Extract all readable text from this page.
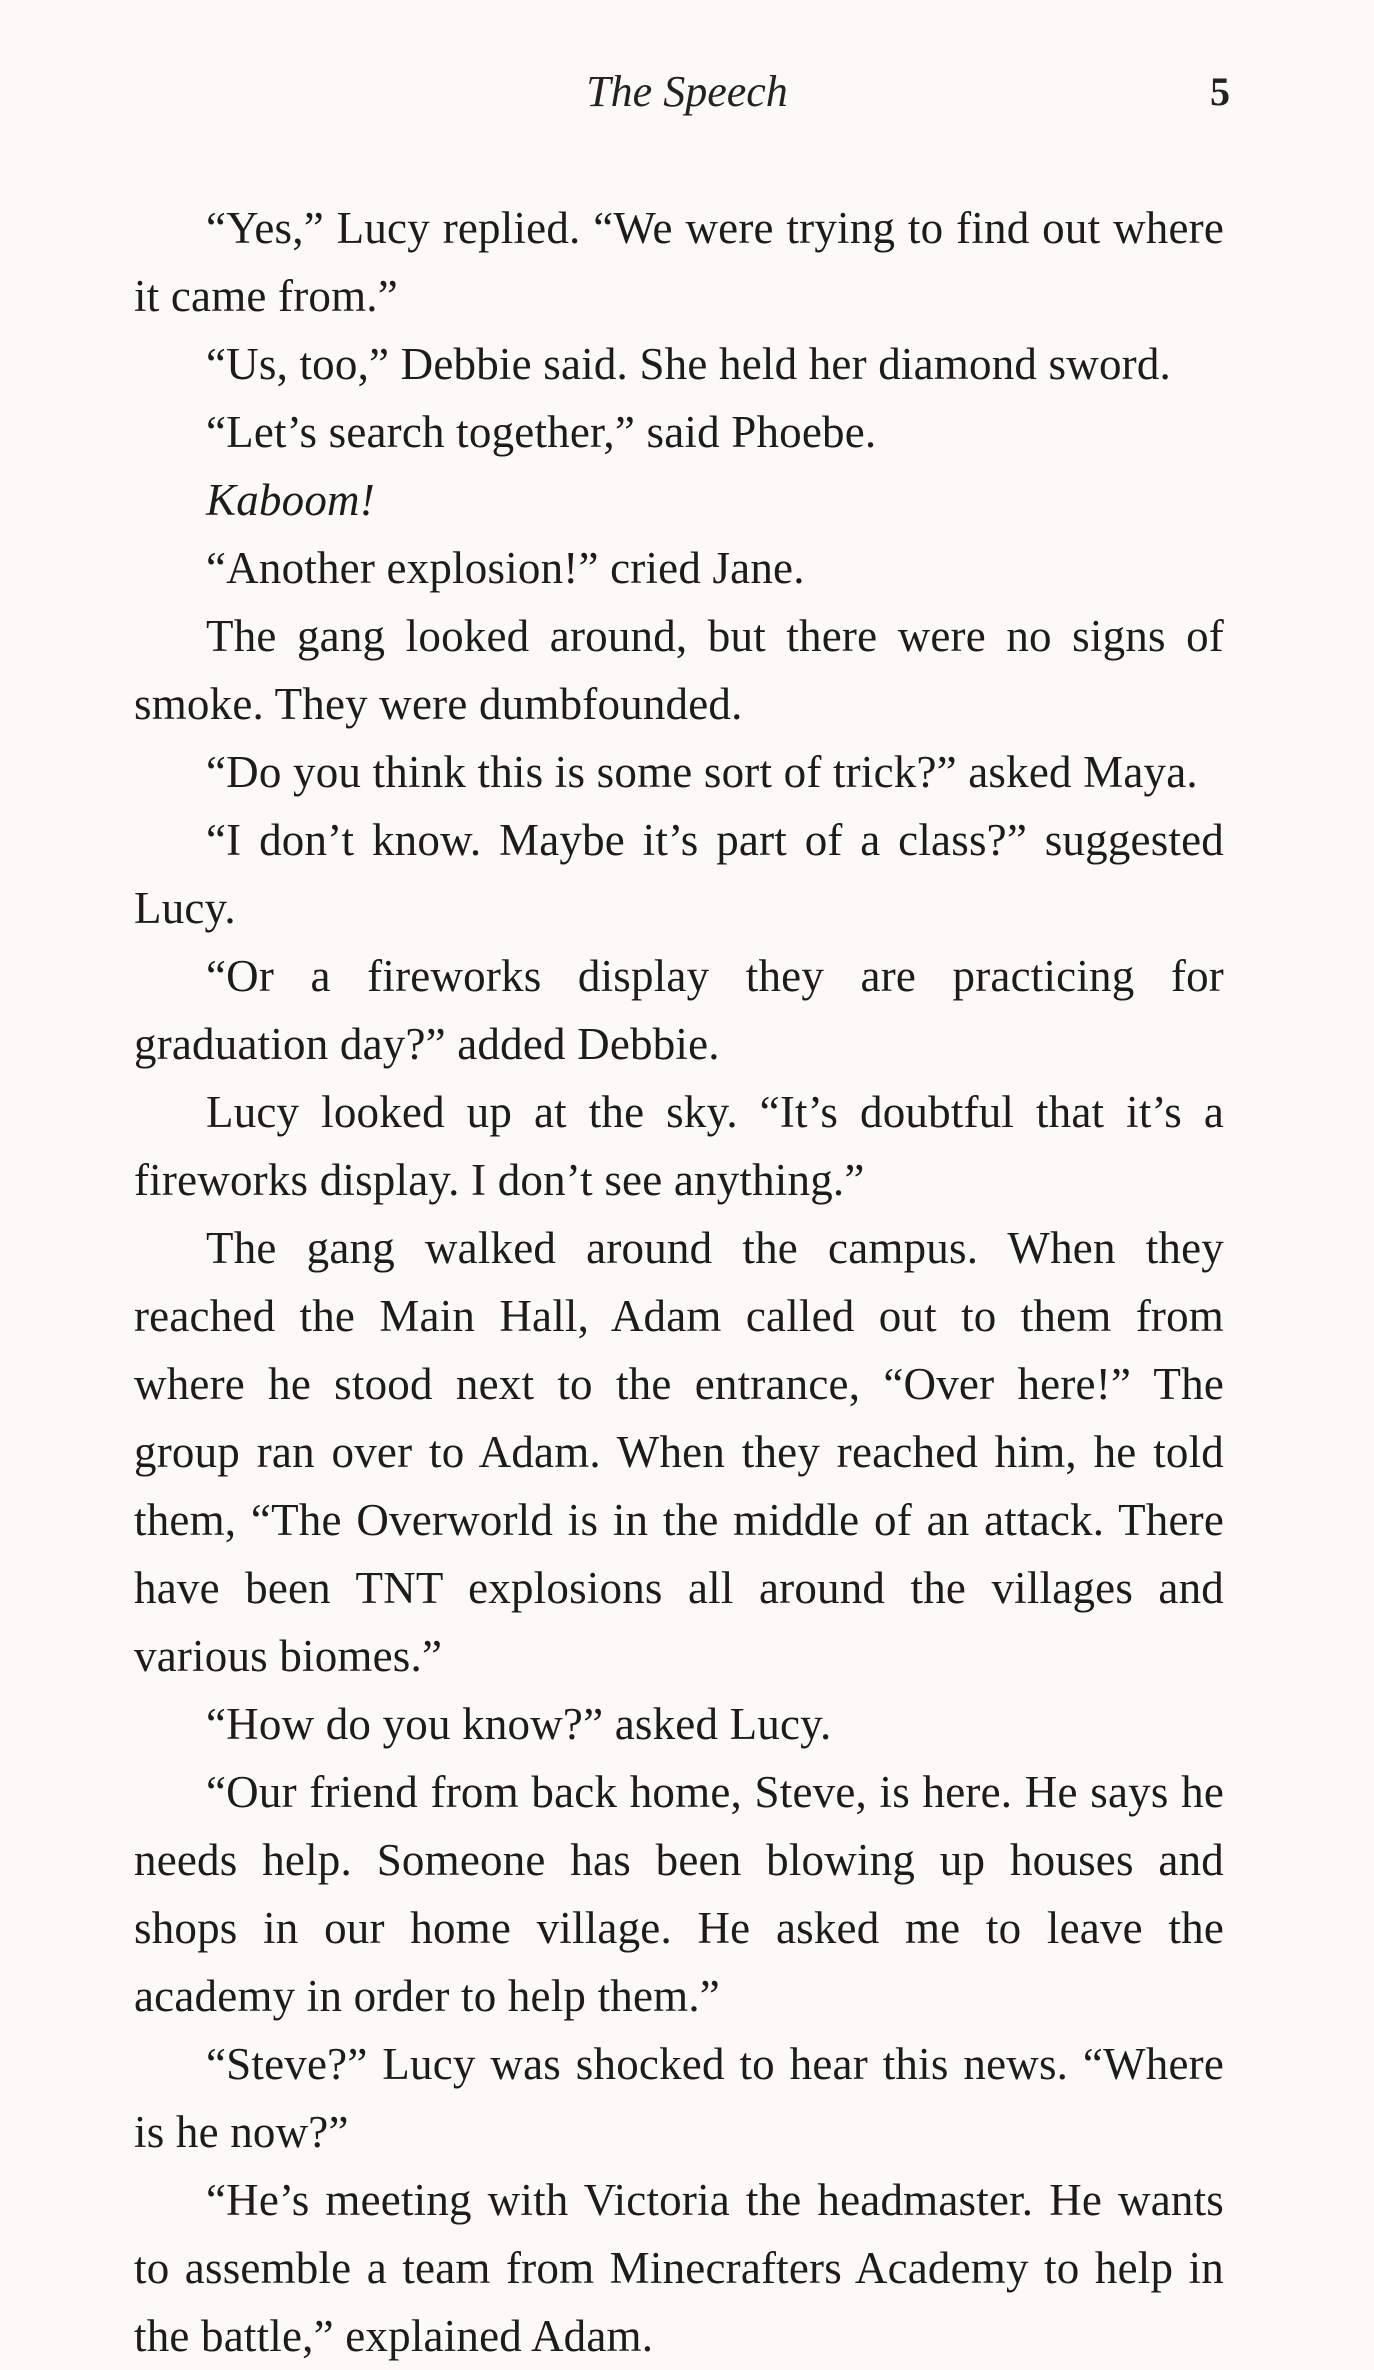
The Speech	5

“Yes,” Lucy replied. “We were trying to find out where it came from.”

“Us, too,” Debbie said. She held her diamond sword.

“Let’s search together,” said Phoebe.

Kaboom!

“Another explosion!” cried Jane.

The gang looked around, but there were no signs of smoke. They were dumbfounded.

“Do you think this is some sort of trick?” asked Maya.

“I don’t know. Maybe it’s part of a class?” suggested Lucy.

“Or a fireworks display they are practicing for graduation day?” added Debbie.

Lucy looked up at the sky. “It’s doubtful that it’s a fireworks display. I don’t see anything.”

The gang walked around the campus. When they reached the Main Hall, Adam called out to them from where he stood next to the entrance, “Over here!” The group ran over to Adam. When they reached him, he told them, “The Overworld is in the middle of an attack. There have been TNT explosions all around the villages and various biomes.”

“How do you know?” asked Lucy.

“Our friend from back home, Steve, is here. He says he needs help. Someone has been blowing up houses and shops in our home village. He asked me to leave the academy in order to help them.”

“Steve?” Lucy was shocked to hear this news. “Where is he now?”

“He’s meeting with Victoria the headmaster. He wants to assemble a team from Minecrafters Academy to help in the battle,” explained Adam.
